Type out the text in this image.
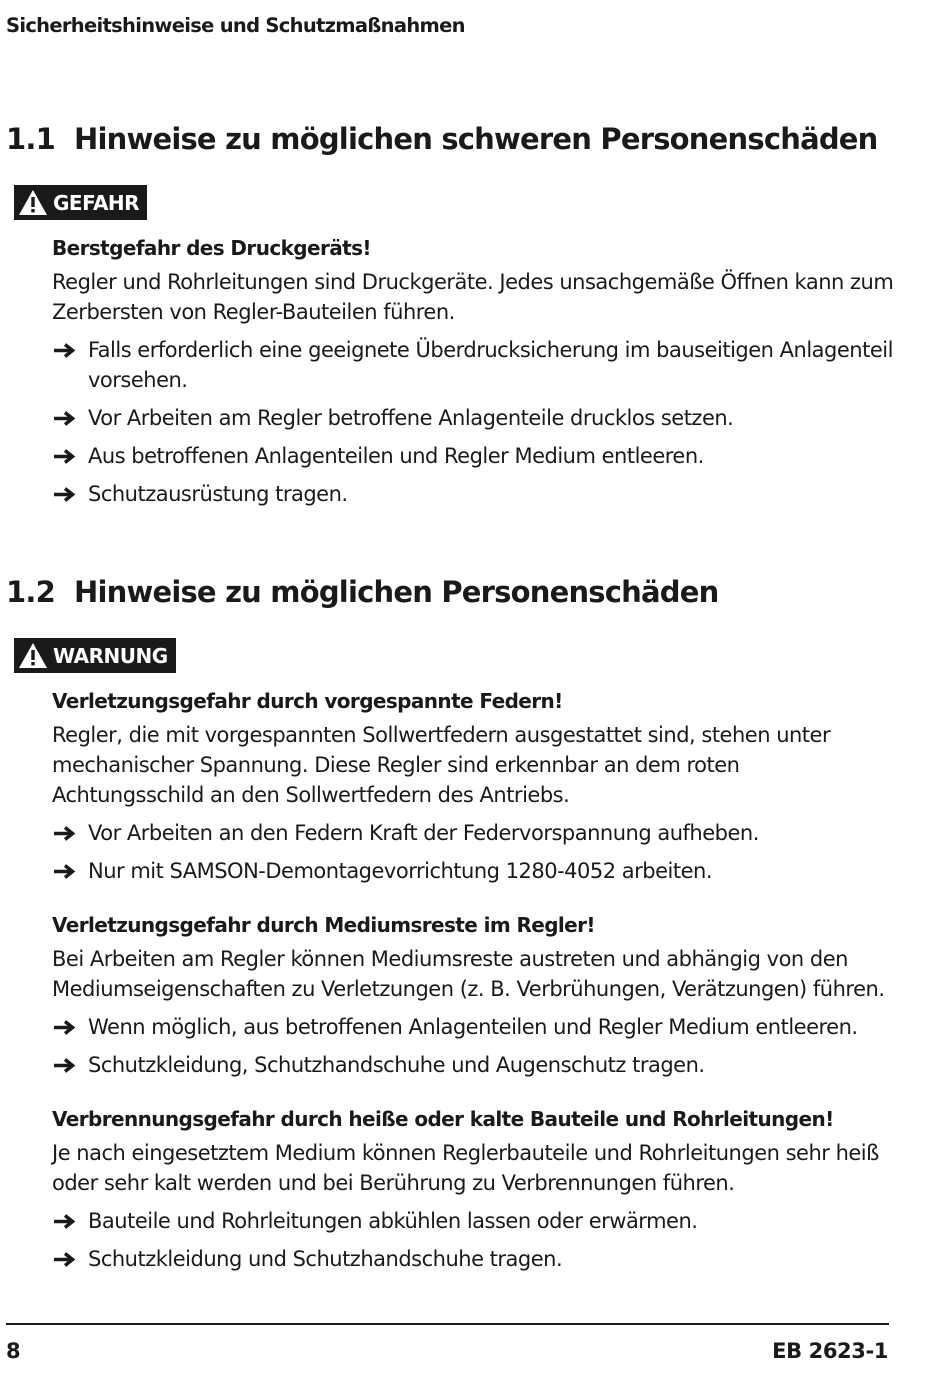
Sicherheitshinweise und Schutzmaßnahmen
1.1 Hinweise zu möglichen schweren Personenschäden
GEFAHR
Berstgefahr des Druckgeräts!

Regler und Rohrleitungen sind Druckgeräte. Jedes unsachgemäße Öffnen kann zum Zerbersten von Regler-Bauteilen führen.

Falls erforderlich eine geeignete Überdrucksicherung im bauseitigen Anlagenteil vorsehen.
Vor Arbeiten am Regler betroffene Anlagenteile drucklos setzen.
Aus betroffenen Anlagenteilen und Regler Medium entleeren.
Schutzausrüstung tragen.
1.2 Hinweise zu möglichen Personenschäden
WARNUNG
Verletzungsgefahr durch vorgespannte Federn!

Regler, die mit vorgespannten Sollwertfedern ausgestattet sind, stehen unter mechanischer Spannung. Diese Regler sind erkennbar an dem roten Achtungsschild an den Sollwertfedern des Antriebs.

Vor Arbeiten an den Federn Kraft der Federvorspannung aufheben.
Nur mit SAMSON-Demontagevorrichtung 1280-4052 arbeiten.
Verletzungsgefahr durch Mediumsreste im Regler!

Bei Arbeiten am Regler können Mediumsreste austreten und abhängig von den Mediumseigenschaften zu Verletzungen (z. B. Verbrühungen, Verätzungen) führen.

Wenn möglich, aus betroffenen Anlagenteilen und Regler Medium entleeren.
Schutzkleidung, Schutzhandschuhe und Augenschutz tragen.
Verbrennungsgefahr durch heiße oder kalte Bauteile und Rohrleitungen!

Je nach eingesetztem Medium können Reglerbauteile und Rohrleitungen sehr heiß oder sehr kalt werden und bei Berührung zu Verbrennungen führen.

Bauteile und Rohrleitungen abkühlen lassen oder erwärmen.
Schutzkleidung und Schutzhandschuhe tragen.
8	EB 2623-1
